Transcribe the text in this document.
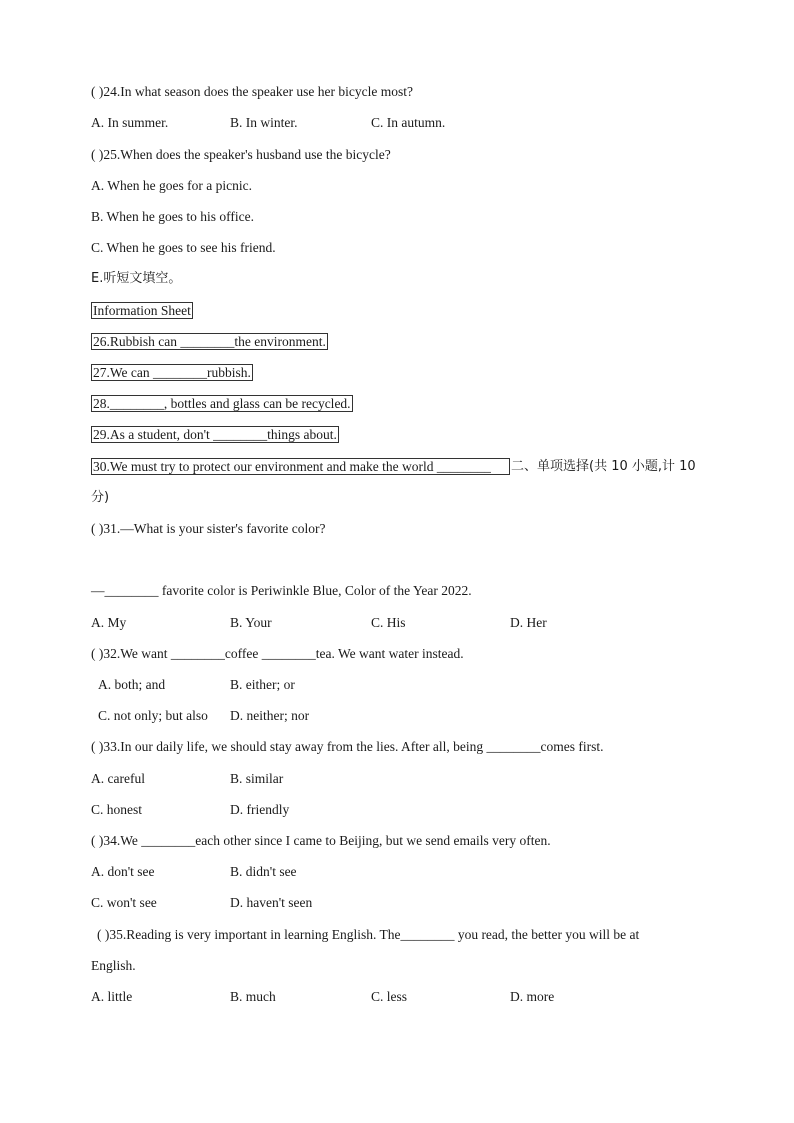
( )24.In what season does the speaker use her bicycle most?
A. In summer.	B. In winter.	C. In autumn.
( )25.When does the speaker's husband use the bicycle?
A. When he goes for a picnic.
B. When he goes to his office.
C. When he goes to see his friend.
E.听短文填空。
Information Sheet
26.Rubbish can ________the environment.
27.We can ________rubbish.
28.________, bottles and glass can be recycled.
29.As a student, don't ________things about.
30.We must try to protect our environment and make the world ________	二、单项选择(共 10 小题,计 10
分)
( )31.—What is your sister's favorite color?
—________ favorite color is Periwinkle Blue, Color of the Year 2022.
A. My	B. Your	C. His	D. Her
( )32.We want ________coffee ________tea. We want water instead.
A. both; and	B. either; or
C. not only; but also D. neither; nor
( )33.In our daily life, we should stay away from the lies. After all, being ________comes first.
A. careful	B. similar
C. honest	D. friendly
( )34.We ________each other since I came to Beijing, but we send emails very often.
A. don't see	B. didn't see
C. won't see	D. haven't seen
( )35.Reading is very important in learning English. The________ you read, the better you will be at
English.
A. little	B. much	C. less	D. more
